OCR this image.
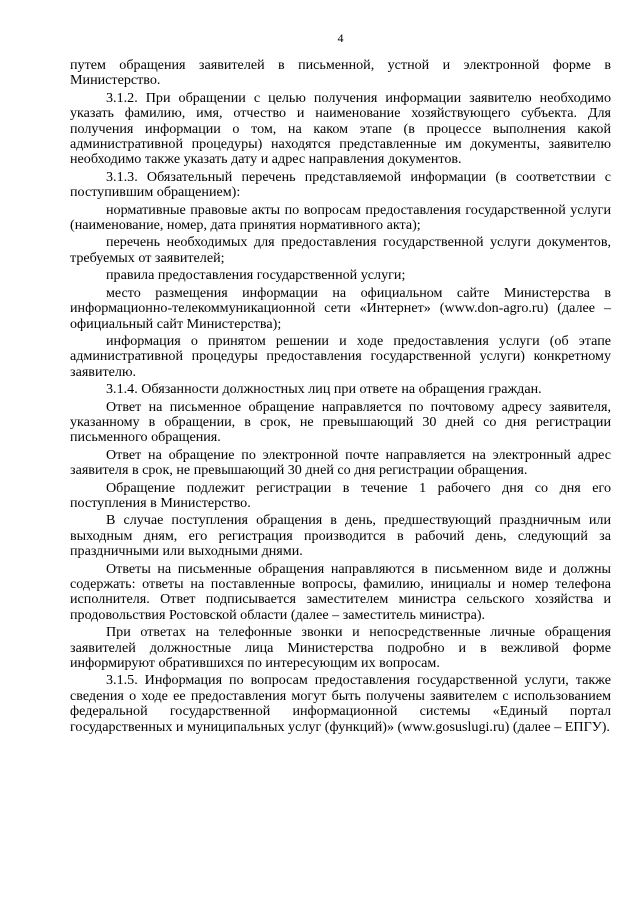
4

путем обращения заявителей в письменной, устной и электронной форме в Министерство.

3.1.2. При обращении с целью получения информации заявителю необходимо указать фамилию, имя, отчество и наименование хозяйствующего субъекта. Для получения информации о том, на каком этапе (в процессе выполнения какой административной процедуры) находятся представленные им документы, заявителю необходимо также указать дату и адрес направления документов.

3.1.3. Обязательный перечень представляемой информации (в соответствии с поступившим обращением):

нормативные правовые акты по вопросам предоставления государственной услуги (наименование, номер, дата принятия нормативного акта);

перечень необходимых для предоставления государственной услуги документов, требуемых от заявителей;

правила предоставления государственной услуги;

место размещения информации на официальном сайте Министерства в информационно-телекоммуникационной сети «Интернет» (www.don-agro.ru) (далее – официальный сайт Министерства);

информация о принятом решении и ходе предоставления услуги (об этапе административной процедуры предоставления государственной услуги) конкретному заявителю.

3.1.4. Обязанности должностных лиц при ответе на обращения граждан.

Ответ на письменное обращение направляется по почтовому адресу заявителя, указанному в обращении, в срок, не превышающий 30 дней со дня регистрации письменного обращения.

Ответ на обращение по электронной почте направляется на электронный адрес заявителя в срок, не превышающий 30 дней со дня регистрации обращения.

Обращение подлежит регистрации в течение 1 рабочего дня со дня его поступления в Министерство.

В случае поступления обращения в день, предшествующий праздничным или выходным дням, его регистрация производится в рабочий день, следующий за праздничными или выходными днями.

Ответы на письменные обращения направляются в письменном виде и должны содержать: ответы на поставленные вопросы, фамилию, инициалы и номер телефона исполнителя. Ответ подписывается заместителем министра сельского хозяйства и продовольствия Ростовской области (далее – заместитель министра).

При ответах на телефонные звонки и непосредственные личные обращения заявителей должностные лица Министерства подробно и в вежливой форме информируют обратившихся по интересующим их вопросам.

3.1.5. Информация по вопросам предоставления государственной услуги, также сведения о ходе ее предоставления могут быть получены заявителем с использованием федеральной государственной информационной системы «Единый портал государственных и муниципальных услуг (функций)» (www.gosuslugi.ru) (далее – ЕПГУ).
